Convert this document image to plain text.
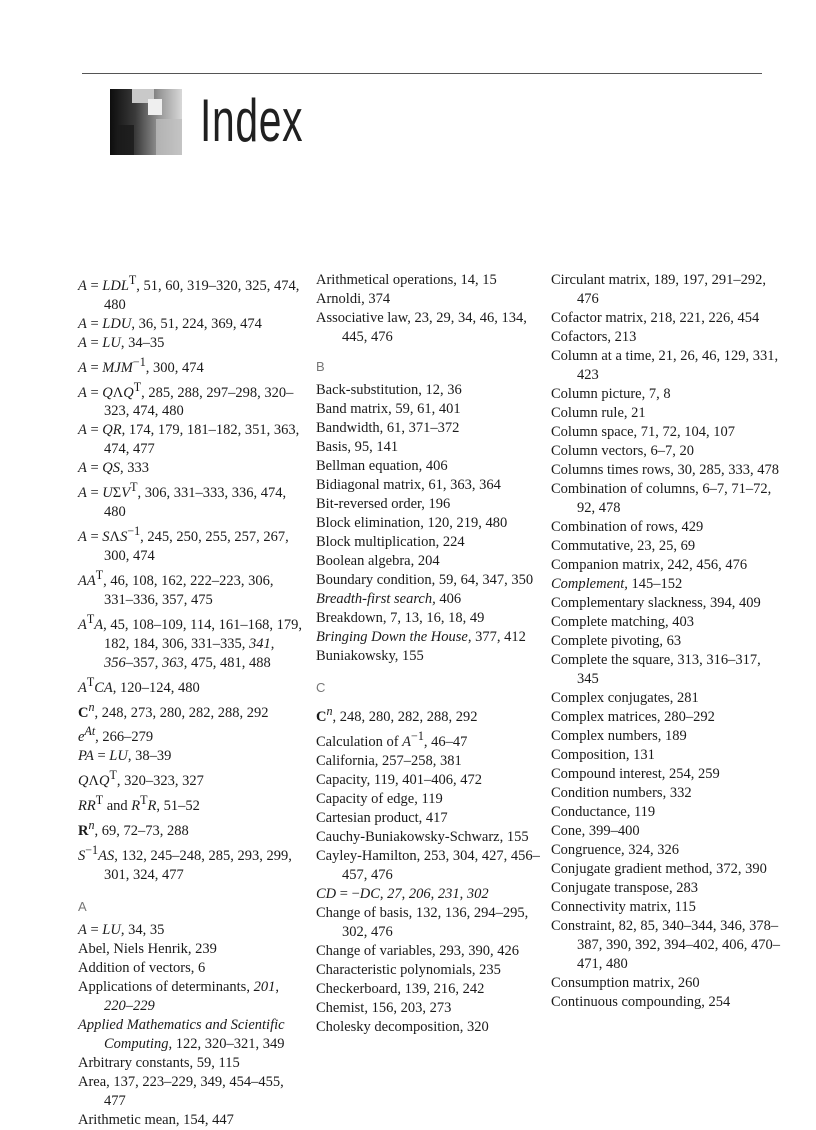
Index

$A = LDL^T$, 51, 60, 319–320, 325, 474, 480

A = LDU, 36, 51, 224, 369, 474

A = LU, 34–35

$A = MJM^{-1}$, 300, 474

$A = Q\Lambda Q^T$, 285, 288, 297–298, 320–323, 474, 480

A = QR, 174, 179, 181–182, 351, 363, 474, 477

A = QS, 333

$A = U\Sigma V^T$, 306, 331–333, 336, 474, 480

$A = S\Lambda S^{-1}$, 245, 250, 255, 257, 267, 300, 474

$AA^T$, 46, 108, 162, 222–223, 306, 331–336, 357, 475

$A^TA$, 45, 108–109, 114, 161–168, 179, 182, 184, 306, 331–335, 341, 356–357, 363, 475, 481, 488

$A^TCA$, 120–124, 480

$C^n$, 248, 273, 280, 282, 288, 292

$e^{At}$, 266–279

PA = LU, 38–39

$Q\Lambda Q^T$, 320–323, 327

$RR^T$ and $R^TR$, 51–52

$R^n$, 69, 72–73, 288

$S^{-1}AS$, 132, 245–248, 285, 293, 299, 301, 324, 477

A

A = LU, 34, 35

Abel, Niels Henrik, 239

Addition of vectors, 6

Applications of determinants, 201, 220–229

Applied Mathematics and Scientific Computing, 122, 320–321, 349

Arbitrary constants, 59, 115

Area, 137, 223–229, 349, 454–455, 477

Arithmetic mean, 154, 447

Arithmetical operations, 14, 15

Arnoldi, 374

Associative law, 23, 29, 34, 46, 134, 445, 476

B

Back-substitution, 12, 36

Band matrix, 59, 61, 401

Bandwidth, 61, 371–372

Basis, 95, 141

Bellman equation, 406

Bidiagonal matrix, 61, 363, 364

Bit-reversed order, 196

Block elimination, 120, 219, 480

Block multiplication, 224

Boolean algebra, 204

Boundary condition, 59, 64, 347, 350

Breadth-first search, 406

Breakdown, 7, 13, 16, 18, 49

Bringing Down the House, 377, 412

Buniakowsky, 155

C

$C^n$, 248, 280, 282, 288, 292

Calculation of $A^{-1}$, 46–47

California, 257–258, 381

Capacity, 119, 401–406, 472

Capacity of edge, 119

Cartesian product, 417

Cauchy-Buniakowsky-Schwarz, 155

Cayley-Hamilton, 253, 304, 427, 456–457, 476

CD = −DC, 27, 206, 231, 302

Change of basis, 132, 136, 294–295, 302, 476

Change of variables, 293, 390, 426

Characteristic polynomials, 235

Checkerboard, 139, 216, 242

Chemist, 156, 203, 273

Cholesky decomposition, 320

Circulant matrix, 189, 197, 291–292, 476

Cofactor matrix, 218, 221, 226, 454

Cofactors, 213

Column at a time, 21, 26, 46, 129, 331, 423

Column picture, 7, 8

Column rule, 21

Column space, 71, 72, 104, 107

Column vectors, 6–7, 20

Columns times rows, 30, 285, 333, 478

Combination of columns, 6–7, 71–72, 92, 478

Combination of rows, 429

Commutative, 23, 25, 69

Companion matrix, 242, 456, 476

Complement, 145–152

Complementary slackness, 394, 409

Complete matching, 403

Complete pivoting, 63

Complete the square, 313, 316–317, 345

Complex conjugates, 281

Complex matrices, 280–292

Complex numbers, 189

Composition, 131

Compound interest, 254, 259

Condition numbers, 332

Conductance, 119

Cone, 399–400

Congruence, 324, 326

Conjugate gradient method, 372, 390

Conjugate transpose, 283

Connectivity matrix, 115

Constraint, 82, 85, 340–344, 346, 378–387, 390, 392, 394–402, 406, 470–471, 480

Consumption matrix, 260

Continuous compounding, 254
